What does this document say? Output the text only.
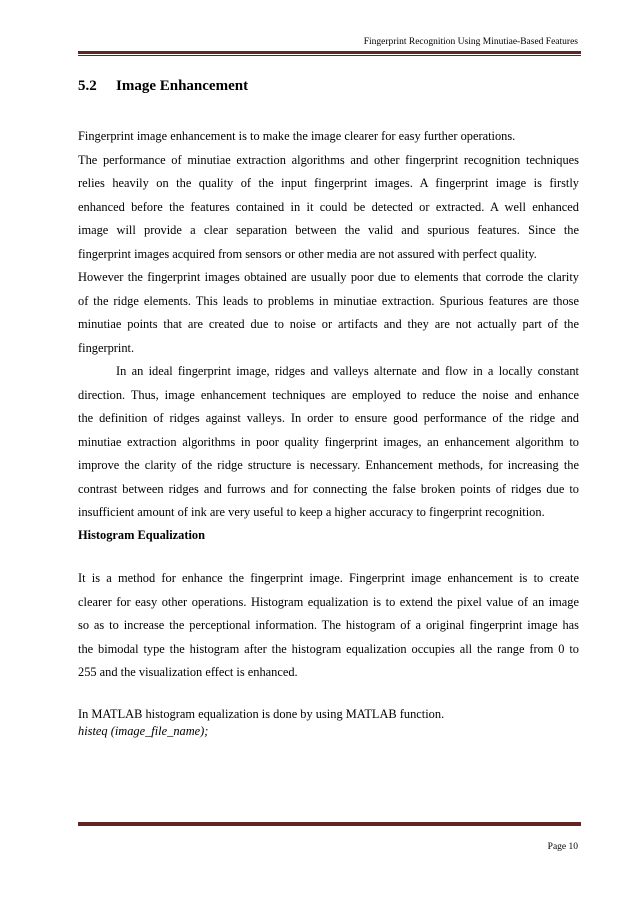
Fingerprint Recognition Using Minutiae-Based Features
5.2 Image Enhancement

Fingerprint image enhancement is to make the image clearer for easy further operations.

The performance of minutiae extraction algorithms and other fingerprint recognition techniques

relies heavily on the quality of the input fingerprint images. A fingerprint image is firstly

enhanced before the features contained in it could be detected or extracted. A well enhanced

image will provide a clear separation between the valid and spurious features. Since the

fingerprint images acquired from sensors or other media are not assured with perfect quality.

However the fingerprint images obtained are usually poor due to elements that corrode the clarity

of the ridge elements. This leads to problems in minutiae extraction. Spurious features are those

minutiae points that are created due to noise or artifacts and they are not actually part of the

fingerprint.

In an ideal fingerprint image, ridges and valleys alternate and flow in a locally constant

direction. Thus, image enhancement techniques are employed to reduce the noise and enhance

the definition of ridges against valleys. In order to ensure good performance of the ridge and

minutiae extraction algorithms in poor quality fingerprint images, an enhancement algorithm to

improve the clarity of the ridge structure is necessary. Enhancement methods, for increasing the

contrast between ridges and furrows and for connecting the false broken points of ridges due to

insufficient amount of ink are very useful to keep a higher accuracy to fingerprint recognition.

Histogram Equalization

It is a method for enhance the fingerprint image. Fingerprint image enhancement is to create

clearer for easy other operations. Histogram equalization is to extend the pixel value of an image

so as to increase the perceptional information. The histogram of a original fingerprint image has

the bimodal type the histogram after the histogram equalization occupies all the range from 0 to

255 and the visualization effect is enhanced.

In MATLAB histogram equalization is done by using MATLAB function.
histeq (image_file_name);
Page 10
